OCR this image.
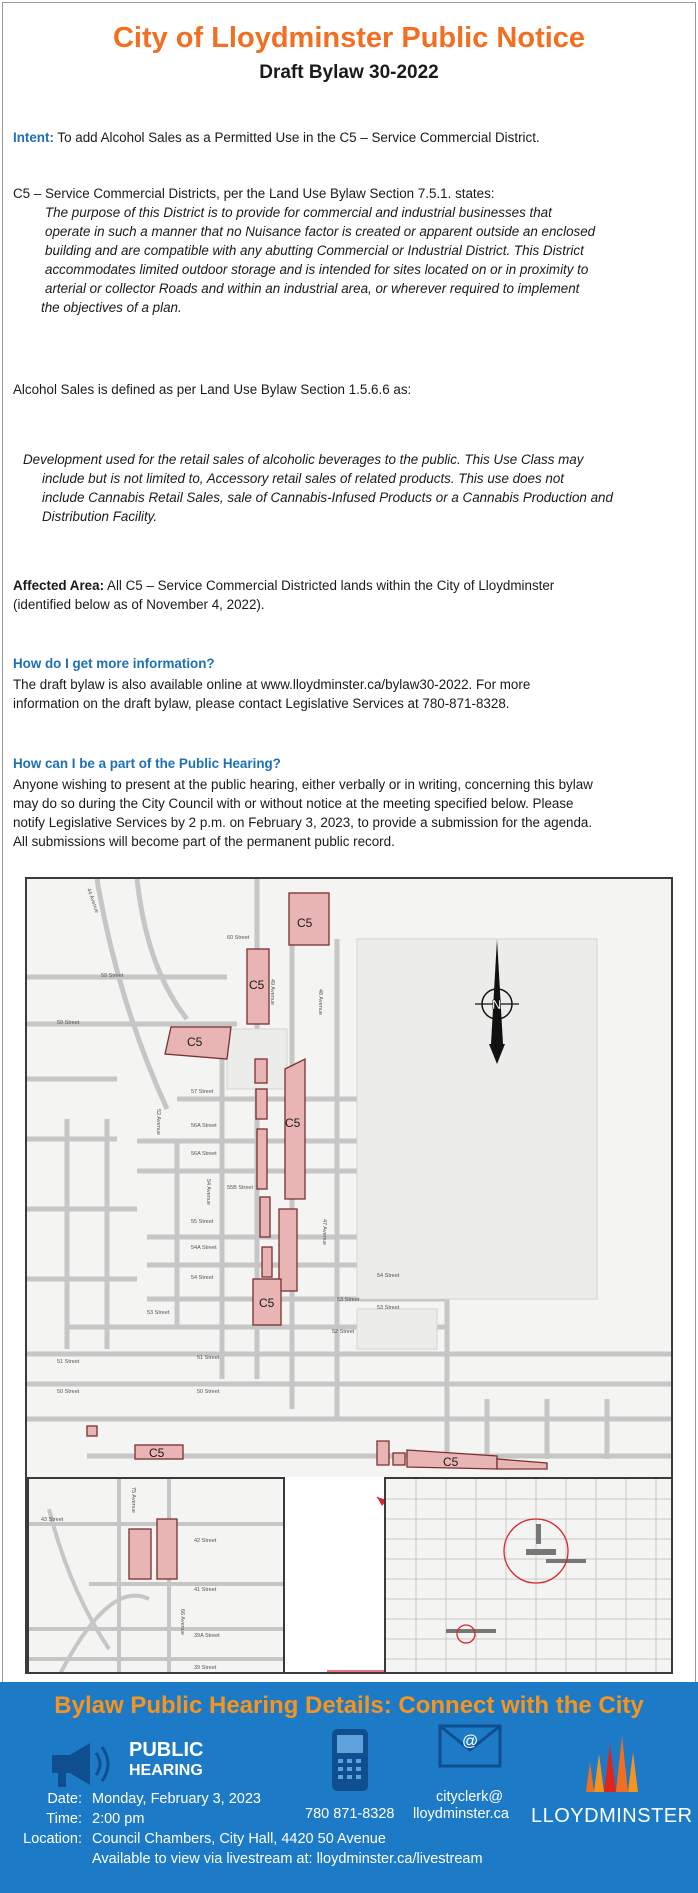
City of Lloydminster Public Notice
Draft Bylaw 30-2022
Intent: To add Alcohol Sales as a Permitted Use in the C5 – Service Commercial District.
C5 – Service Commercial Districts, per the Land Use Bylaw Section 7.5.1. states:
The purpose of this District is to provide for commercial and industrial businesses that
operate in such a manner that no Nuisance factor is created or apparent outside an enclosed
building and are compatible with any abutting Commercial or Industrial District. This District
accommodates limited outdoor storage and is intended for sites located on or in proximity to
arterial or collector Roads and within an industrial area, or wherever required to implement
the objectives of a plan.
Alcohol Sales is defined as per Land Use Bylaw Section 1.5.6.6 as:
Development used for the retail sales of alcoholic beverages to the public. This Use Class may
include but is not limited to, Accessory retail sales of related products. This use does not
include Cannabis Retail Sales, sale of Cannabis-Infused Products or a Cannabis Production and
Distribution Facility.
Affected Area: All C5 – Service Commercial Districted lands within the City of Lloydminster
(identified below as of November 4, 2022).
How do I get more information?
The draft bylaw is also available online at www.lloydminster.ca/bylaw30-2022. For more
information on the draft bylaw, please contact Legislative Services at 780-871-8328.
How can I be a part of the Public Hearing?
Anyone wishing to present at the public hearing, either verbally or in writing, concerning this bylaw
may do so during the City Council with or without notice at the meeting specified below. Please
notify Legislative Services by 2 p.m. on February 3, 2023, to provide a submission for the agenda.
All submissions will become part of the permanent public record.
C5
C5
C5
C5
C5
C5
C5
60 Street
59 Street
57 Street
56A Street
56A Street
55B Street
55 Street
54A Street
54 Street
53 Street
53 Street
52 Street
51 Street
51 Street
50 Street	50 Street
54 Street
53 Street
59 Street
48 Avenue
49 Avenue
52 Avenue
54 Avenue
47 Avenue
44 Avenue
N
43 Street
42 Street
41 Street
39A Street
39 Street
75 Avenue
66 Avenue
Bylaw Public Hearing Details: Connect with the City
PUBLIC
HEARING
@
Date: Monday, February 3, 2023
Time: 2:00 pm
Location: Council Chambers, City Hall, 4420 50 Avenue
Available to view via livestream at: lloydminster.ca/livestream
780 871-8328
cityclerk@
lloydminster.ca LLOYDMINSTER
